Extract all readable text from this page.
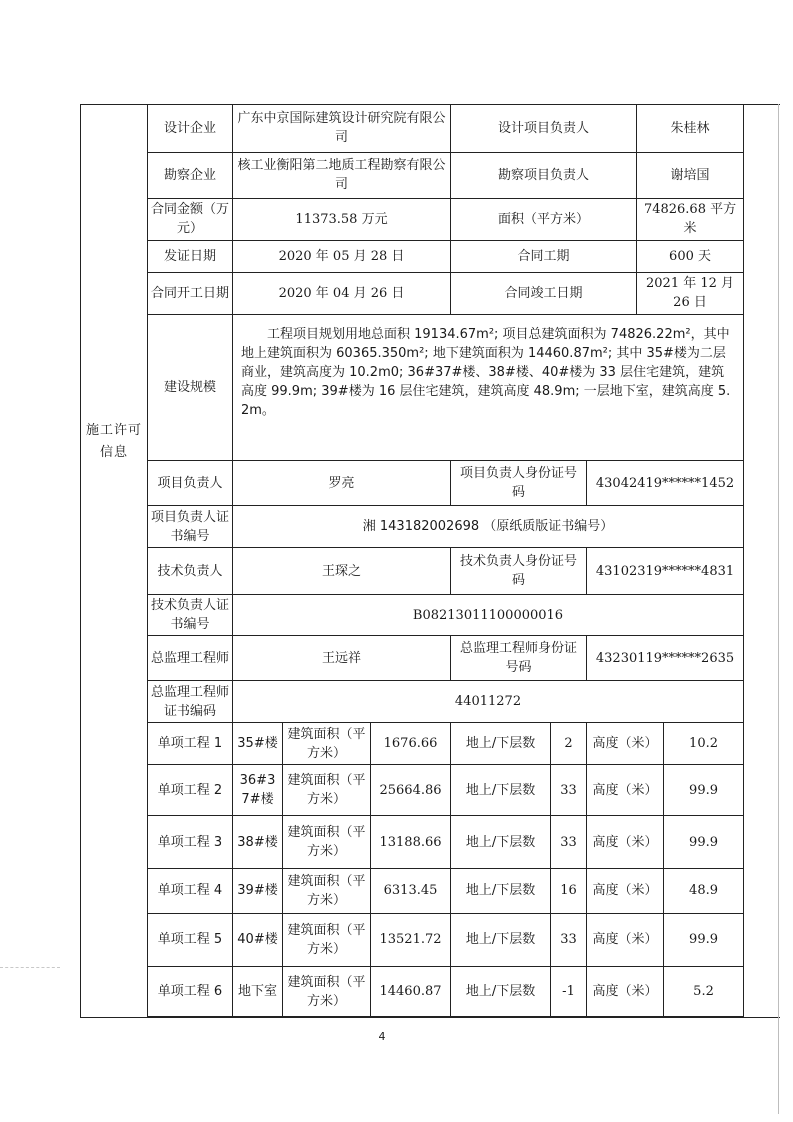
施工许可信息
设计企业	广东中京国际建筑设计研究院有限公司			设计项目负责人			朱桂林	
勘察企业	核工业衡阳第二地质工程勘察有限公司			勘察项目负责人			谢培国	
合同金额（万元）	11373.58 万元			面积（平方米）			74826.68 平方米	
发证日期	2020 年 05 月 28 日			合同工期			600 天	
合同开工日期	2020 年 04 月 26 日			合同竣工日期			2021 年 12 月 26 日	
建设规模	工程项目规划用地总面积 19134.67m²; 项目总建筑面积为 74826.22m²，其中地上建筑面积为 60365.350m²; 地下建筑面积为 14460.87m²; 其中 35#楼为二层商业，建筑高度为 10.2m0; 36#37#楼、38#楼、40#楼为 33 层住宅建筑，建筑高度 99.9m; 39#楼为 16 层住宅建筑，建筑高度 48.9m; 一层地下室，建筑高度 5.2m。							
项目负责人	罗亮			项目负责人身份证号码		43042419******1452		
项目负责人证书编号	湘 143182002698 （原纸质版证书编号）							
技术负责人	王琛之			技术负责人身份证号码		43102319******4831		
技术负责人证书编号	B08213011100000016							
总监理工程师	王远祥			总监理工程师身份证号码		43230119******2635		
总监理工程师证书编码	44011272							
单项工程 1	35#楼	建筑面积（平方米）	1676.66	地上/下层数	2	高度（米）		10.2
单项工程 2	36#37#楼	建筑面积（平方米）	25664.86	地上/下层数	33	高度（米）		99.9
单项工程 3	38#楼	建筑面积（平方米）	13188.66	地上/下层数	33	高度（米）		99.9
单项工程 4	39#楼	建筑面积（平方米）	6313.45	地上/下层数	16	高度（米）		48.9
单项工程 5	40#楼	建筑面积（平方米）	13521.72	地上/下层数	33	高度（米）		99.9
单项工程 6	地下室	建筑面积（平方米）	14460.87	地上/下层数	-1	高度（米）		5.2
4
